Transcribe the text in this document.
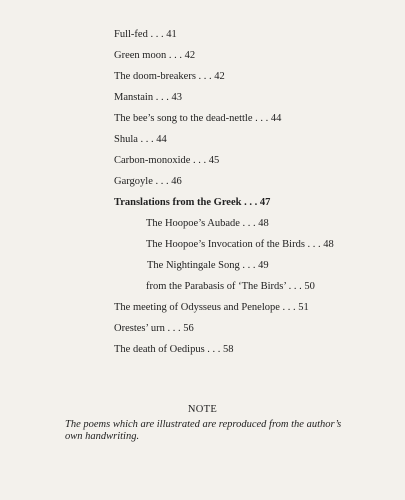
Full-fed . . . 41
Green moon . . . 42
The doom-breakers . . . 42
Manstain . . . 43
The bee’s song to the dead-nettle . . . 44
Shula . . . 44
Carbon-monoxide . . . 45
Gargoyle . . . 46
Translations from the Greek . . . 47
The Hoopoe’s Aubade . . . 48
The Hoopoe’s Invocation of the Birds . . . 48
The Nightingale Song . . . 49
from the Parabasis of ‘The Birds’ . . . 50
The meeting of Odysseus and Penelope . . . 51
Orestes’ urn . . . 56
The death of Oedipus . . . 58
NOTE
The poems which are illustrated are reproduced from the author’s own handwriting.
